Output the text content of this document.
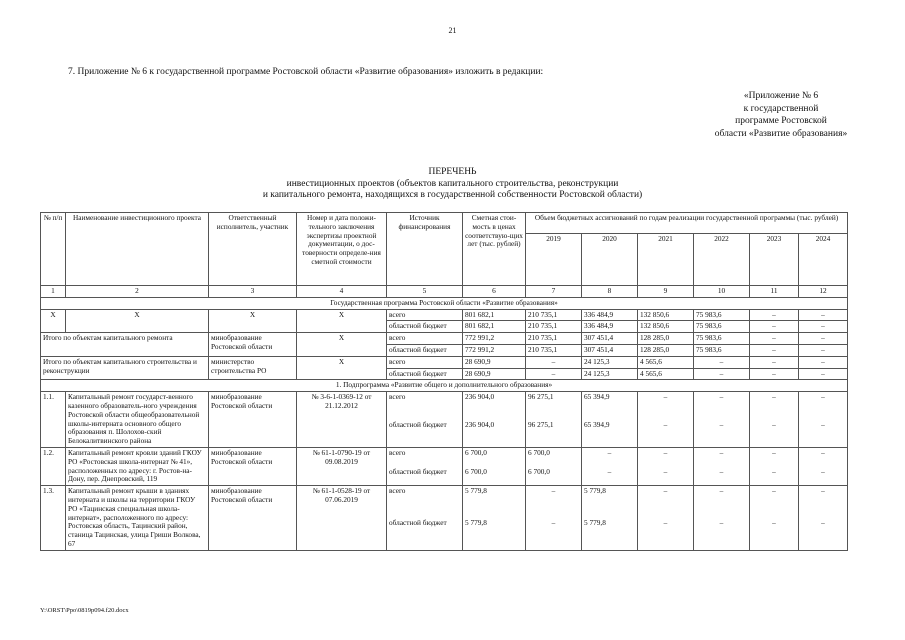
21
7. Приложение № 6 к государственной программе Ростовской области «Развитие образования» изложить в редакции:
«Приложение № 6
к государственной
программе Ростовской
области «Развитие образования»
ПЕРЕЧЕНЬ
инвестиционных проектов (объектов капитального строительства, реконструкции
и капитального ремонта, находящихся в государственной собственности Ростовской области)
№ п/п	Наименование инвестиционного проекта	Ответственный исполнитель, участник	Номер и дата положи-тельного заключения экспертизы проектной документации, о дос-товерности определе-ния сметной стоимости	Источник финансирования	Сметная стои-мость в ценах соответствую-щих лет (тыс. рублей)	Объем бюджетных ассигнований по годам реализации государственной программы (тыс. рублей)					
						2019	2020	2021	2022	2023	2024
1	2	3	4	5	6	7	8	9	10	11	12
Государственная программа Ростовской области «Развитие образования»											
X	X	X	X	всего	801 682,1	210 735,1	336 484,9	132 850,6	75 983,6	–	–
				областной бюджет	801 682,1	210 735,1	336 484,9	132 850,6	75 983,6	–	–
Итого по объектам капитального ремонта		минобразование Ростовской области	X	всего	772 991,2	210 735,1	307 451,4	128 285,0	75 983,6	–	–
				областной бюджет	772 991,2	210 735,1	307 451,4	128 285,0	75 983,6	–	–
Итого по объектам капитального строительства и реконструкции		министерство строительства РО	X	всего	28 690,9	–	24 125,3	4 565,6	–	–	–
				областной бюджет	28 690,9	–	24 125,3	4 565,6	–	–	–
1. Подпрограмма «Развитие общего и дополнительного образования»											
1.1.	Капитальный ремонт государст-венного казенного образователь-ного учреждения Ростовской области общеобразовательной школы-интерната основного общего образования п. Шолохов-ский Белокалитвинского района	минобразование Ростовской области	№ 3-6-1-0369-12 от 21.12.2012	всего	236 904,0	96 275,1	65 394,9	–	–	–	–
				областной бюджет	236 904,0	96 275,1	65 394,9	–	–	–	–
1.2.	Капитальный ремонт кровли зданий ГКОУ РО «Ростовская школа-интернат № 41», расположенных по адресу: г. Ростов-на-Дону, пер. Днепровский, 119	минобразование Ростовской области	№ 61-1-0790-19 от 09.08.2019	всего	6 700,0	6 700,0	–	–	–	–	–
				областной бюджет	6 700,0	6 700,0	–	–	–	–	–
1.3.	Капитальный ремонт крыши в зданиях интерната и школы на территории ГКОУ РО «Тацинская специальная школа-интернат», расположенного по адресу: Ростовская область, Тацинский район, станица Тацинская, улица Гриши Волкова, 67	минобразование Ростовской области	№ 61-1-0528-19 от 07.06.2019	всего	5 779,8	–	5 779,8	–	–	–	–
				областной бюджет	5 779,8	–	5 779,8	–	–	–	–
Y:\ORST\Ppo\0819p094.f20.docx
